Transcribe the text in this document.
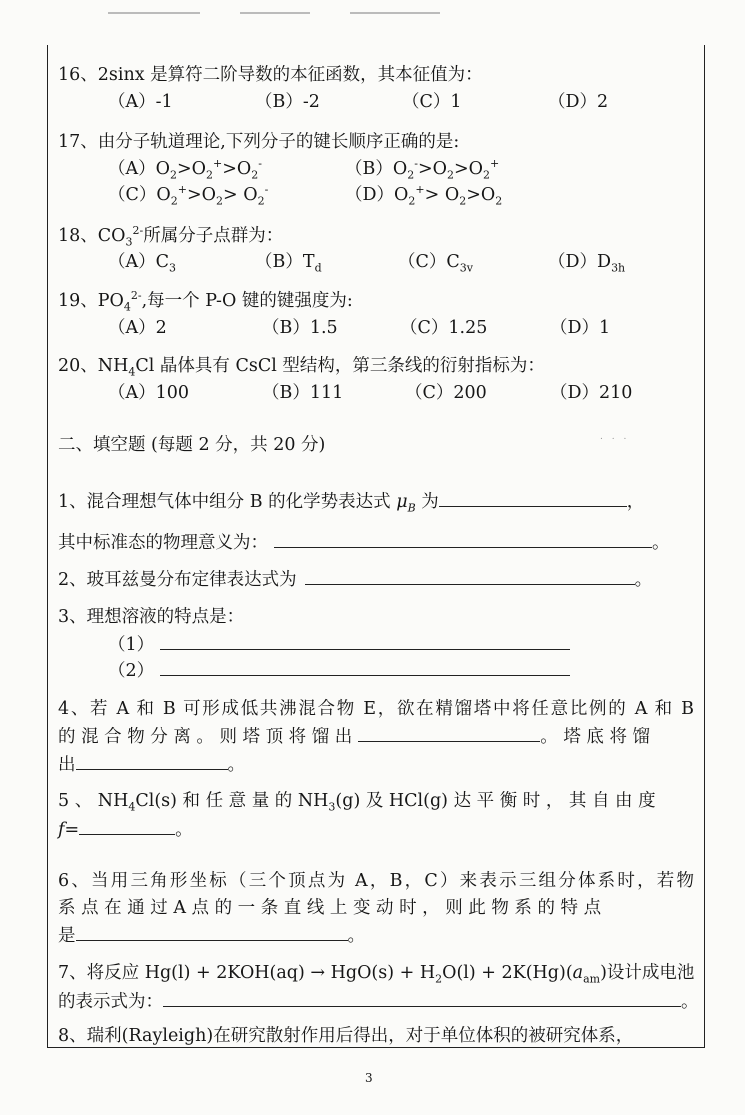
16、2sinx 是算符二阶导数的本征函数，其本征值为：
（A）-1	（B）-2	（C）1	（D）2
17、由分子轨道理论,下列分子的键长顺序正确的是:
$(A)O_2>O_2^+>O_2^-$	$(B)O_2^->O_2>O_2^+$
$(C)O_2^+>O_2> O_2^-$	$(D)O_2^+> O_2>O_2$
18、$CO_3^{2-}$所属分子点群为：
$(A)C_3$	$(B)T_d$	$(C)C_{3v}$	$(D)D_{3h}$
19、$PO_4^{2-}$,每一个 P-O 键的键强度为:
（A）2	（B）1.5	（C）1.25	（D）1
20、$NH_4Cl$ 晶体具有 CsCl 型结构，第三条线的衍射指标为：
（A）100	（B）111	（C）200	（D）210
. . .
二、填空题 (每题 2 分，共 20 分)
1、混合理想气体中组分 B 的化学势表达式 $\mu_B$ 为	，
其中标准态的物理意义为：	。
2、玻耳兹曼分布定律表达式为	。
3、理想溶液的特点是：
（1）
（2）
4、若 A 和 B 可形成低共沸混合物 E，欲在精馏塔中将任意比例的 A 和 B
的 混 合 物 分 离 。 则 塔 顶 将 馏 出	。 塔 底 将 馏
出	。
5 、 $NH_4Cl(s)$ 和 任 意 量 的 $NH_3(g)$ 及 HCl(g) 达 平 衡 时 ， 其 自 由 度
f=	。
6、当用三角形坐标（三个顶点为 A，B，C）来表示三组分体系时，若物
系 点 在 通 过 A 点 的 一 条 直 线 上 变 动 时 ， 则 此 物 系 的 特 点
是	。
7、将反应 $Hg(l) + 2KOH(aq) \to HgO(s) + H_2O(l) + 2K(Hg)(a_{am})$设计成电池
的表示式为：	。
8、瑞利(Rayleigh)在研究散射作用后得出，对于单位体积的被研究体系，
3
